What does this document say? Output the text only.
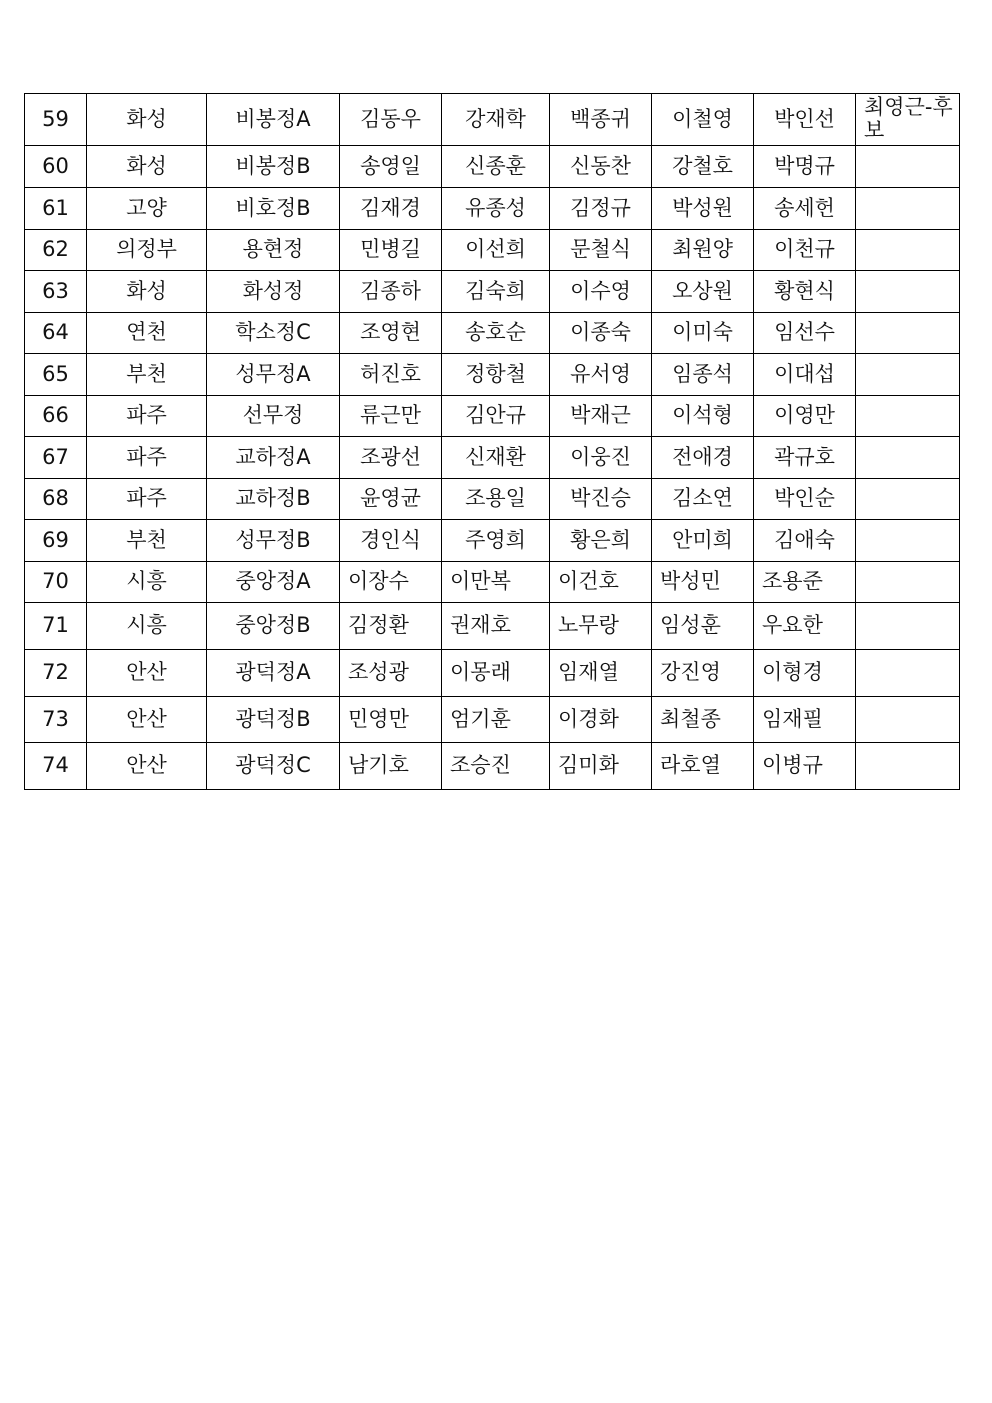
59	화성	비봉정A	김동우	강재학	백종귀	이철영	박인선	최영근-후보
60	화성	비봉정B	송영일	신종훈	신동찬	강철호	박명규	
61	고양	비호정B	김재경	유종성	김정규	박성원	송세헌	
62	의정부	용현정	민병길	이선희	문철식	최원양	이천규	
63	화성	화성정	김종하	김숙희	이수영	오상원	황현식	
64	연천	학소정C	조영현	송호순	이종숙	이미숙	임선수	
65	부천	성무정A	허진호	정항철	유서영	임종석	이대섭	
66	파주	선무정	류근만	김안규	박재근	이석형	이영만	
67	파주	교하정A	조광선	신재환	이웅진	전애경	곽규호	
68	파주	교하정B	윤영균	조용일	박진승	김소연	박인순	
69	부천	성무정B	경인식	주영희	황은희	안미희	김애숙	
70	시흥	중앙정A	이장수	이만복	이건호	박성민	조용준	
71	시흥	중앙정B	김정환	권재호	노무랑	임성훈	우요한	
72	안산	광덕정A	조성광	이몽래	임재열	강진영	이형경	
73	안산	광덕정B	민영만	엄기훈	이경화	최철종	임재필	
74	안산	광덕정C	남기호	조승진	김미화	라호열	이병규	
